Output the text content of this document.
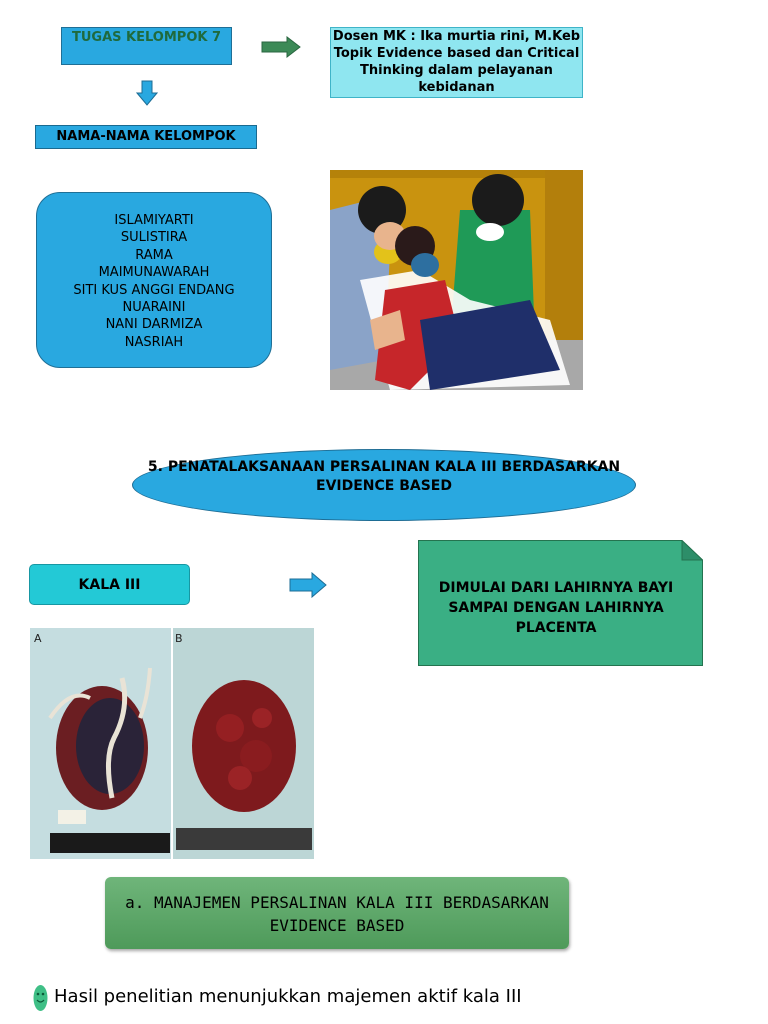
TUGAS KELOMPOK 7	Dosen MK : Ika murtia rini, M.Keb
Topik Evidence based dan Critical Thinking dalam pelayanan kebidanan
NAMA-NAMA KELOMPOK
ISLAMIYARTI
SULISTIRA
RAMA
MAIMUNAWARAH
SITI KUS ANGGI ENDANG
NUARAINI
NANI DARMIZA
NASRIAH
5. PENATALAKSANAAN PERSALINAN KALA III BERDASARKAN EVIDENCE BASED
KALA III	DIMULAI DARI LAHIRNYA BAYI SAMPAI DENGAN LAHIRNYA PLACENTA
A	B
a. MANAJEMEN PERSALINAN KALA III BERDASARKAN EVIDENCE BASED
Hasil penelitian menunjukkan majemen aktif kala III
